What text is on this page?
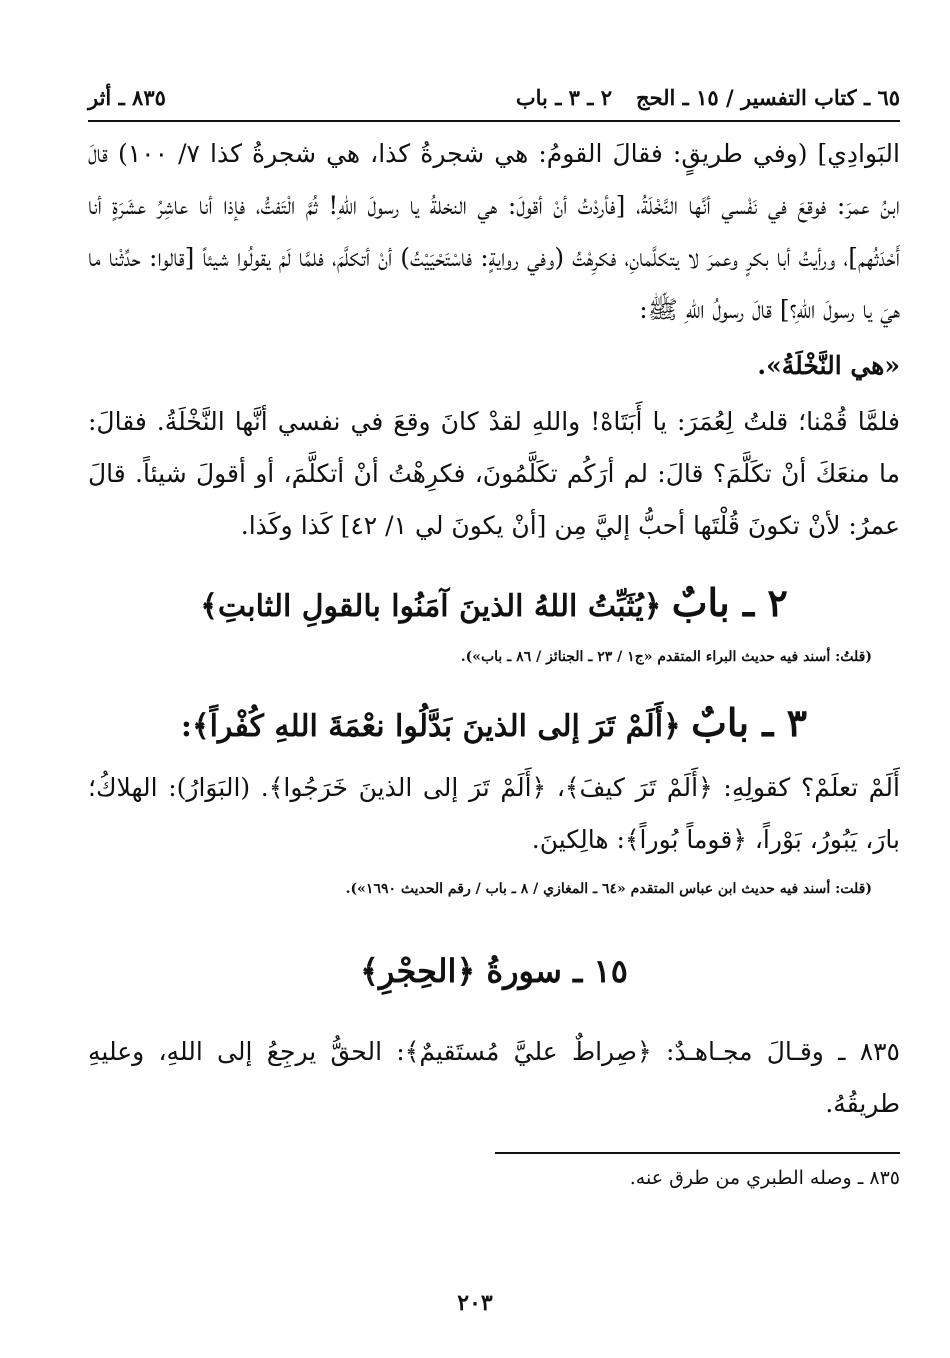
٦٥ ـ كتاب التفسير / ١٥ ـ الحج
٢ ـ ٣ ـ باب
٨٣٥ ـ أثر

البَوادِي] (وفي طريقٍ: فقالَ القومُ: هي شجرةُ كذا، هي شجرةُ كذا ٧/ ١٠٠) قالَ ابنُ عمرَ: فوقعَ في نَفْسي أنَّها النَّخْلَةُ، [فأردْتُ أنْ أقولَ: هي النخلةُ يا رسولَ اللهِ! ثُمَّ الْتَفتُّ، فإذا أنا عاشِرُ عشَرَةٍ أنا أَحْدَثُهم]، ورأيتُ أبا بكرٍ وعمرَ لا يتكلَّمانِ، فكرِهْتُ (وفي روايةٍ: فاسْتَحْيَيْتُ) أنْ أتكلَّمَ، فلمَّا لَمْ يقولُوا شيئاً [قالوا: حدِّثْنا ما هيَ يا رسولَ اللهِ؟] قالَ رسولُ اللهِ ﷺ:

«هي النَّخْلَةُ».

فلمَّا قُمْنا؛ قلتُ لِعُمَرَ: يا أَبَتَاهْ! واللهِ لقدْ كانَ وقعَ في نفسي أنَّها النَّخْلَةُ. فقالَ: ما منعَكَ أنْ تكَلَّمَ؟ قالَ: لم أرَكُم تكَلَّمُونَ، فكرِهْتُ أنْ أتكلَّمَ، أو أقولَ شيئاً. قالَ عمرُ: لأنْ تكونَ قُلْتَها أحبُّ إليَّ مِن [أنْ يكونَ لي ١/ ٤٢] كَذا وكَذا.

٢ ـ بابٌ ﴿يُثَبِّتُ اللهُ الذينَ آمَنُوا بالقولِ الثابتِ﴾
(قلتُ: أسند فيه حديث البراء المتقدم «ج١ / ٢٣ ـ الجنائز / ٨٦ ـ باب»).
٣ ـ بابٌ ﴿أَلَمْ تَرَ إلى الذينَ بَدَّلُوا نعْمَةَ اللهِ كُفْراً﴾:

أَلَمْ تعلَمْ؟ كقولِهِ: ﴿أَلَمْ تَرَ كيفَ﴾، ﴿أَلَمْ تَرَ إلى الذينَ خَرَجُوا﴾. (البَوَارُ): الهلاكُ؛ بارَ، يَبُورُ، بَوْراً، ﴿قوماً بُوراً﴾: هالِكينَ.

(قلت: أسند فيه حديث ابن عباس المتقدم «٦٤ ـ المغازي / ٨ ـ باب / رقم الحديث ١٦٩٠»).
١٥ ـ سورةُ ﴿الحِجْرِ﴾

٨٣٥ ـ وقـالَ مجـاهـدٌ: ﴿صِراطٌ عليَّ مُستَقيمٌ﴾: الحقُّ يرجِعُ إلى اللهِ، وعليهِ طريقُهُ.

٨٣٥ ـ وصله الطبري من طرق عنه.
٢٠٣
